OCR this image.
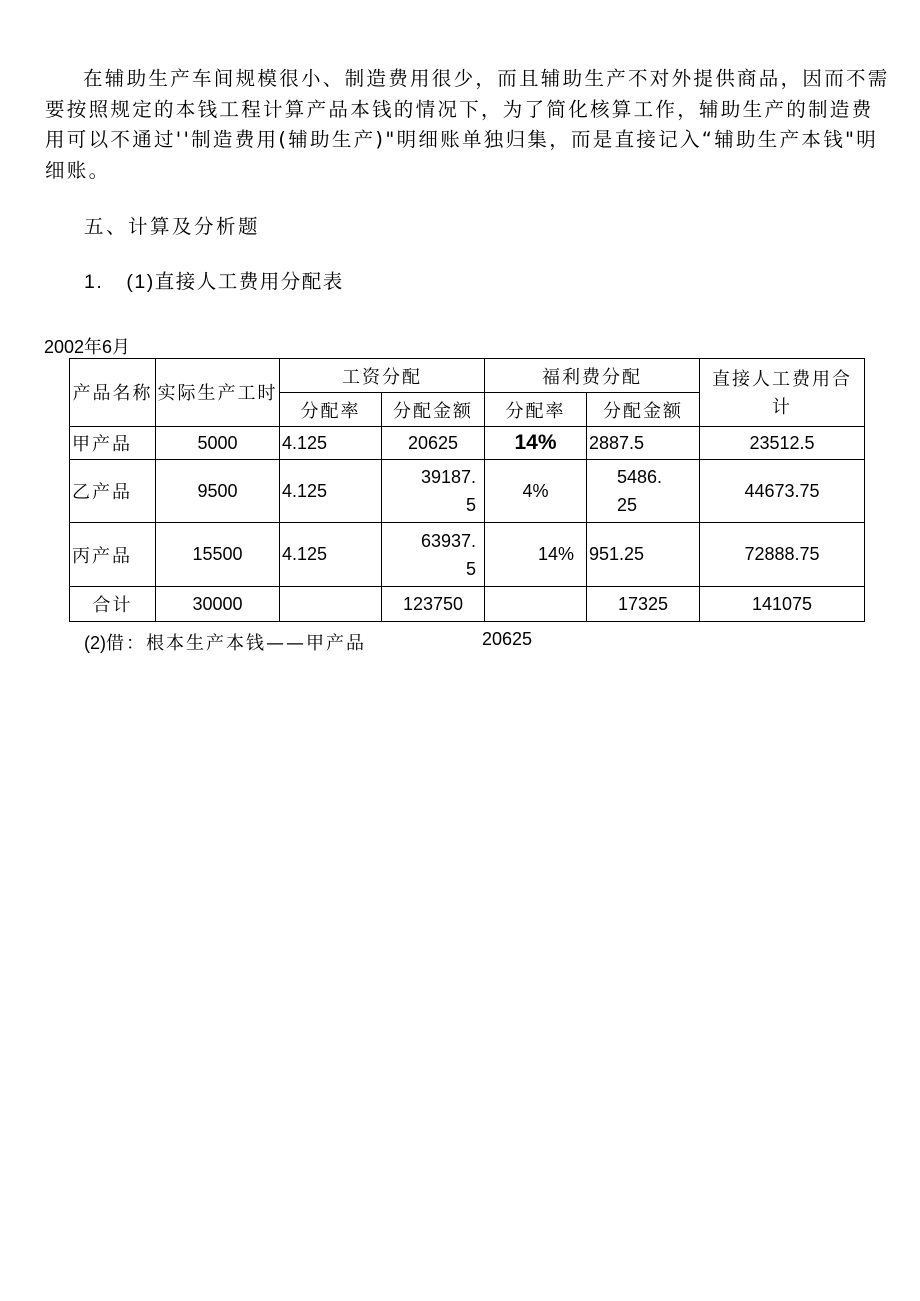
在辅助生产车间规模很小、制造费用很少，而且辅助生产不对外提供商品，因而不需要按照规定的本钱工程计算产品本钱的情况下，为了简化核算工作，辅助生产的制造费用可以不通过''制造费用(辅助生产)"明细账单独归集，而是直接记入“辅助生产本钱"明细账。

五、计算及分析题
1. (1)直接人工费用分配表
2002年6月
产品名称	实际生产工时	工资分配		福利费分配		直接人工费用合计
		分配率	分配金额	分配率	分配金额	
甲产品	5000	4.125	20625	14%	2887.5	23512.5
乙产品	9500	4.125	39187.5	4%	5486.25	44673.75
丙产品	15500	4.125	63937.5	14%	951.25	72888.75
合计	30000		123750		17325	141075
(2)借：根本生产本钱——甲产品	20625
